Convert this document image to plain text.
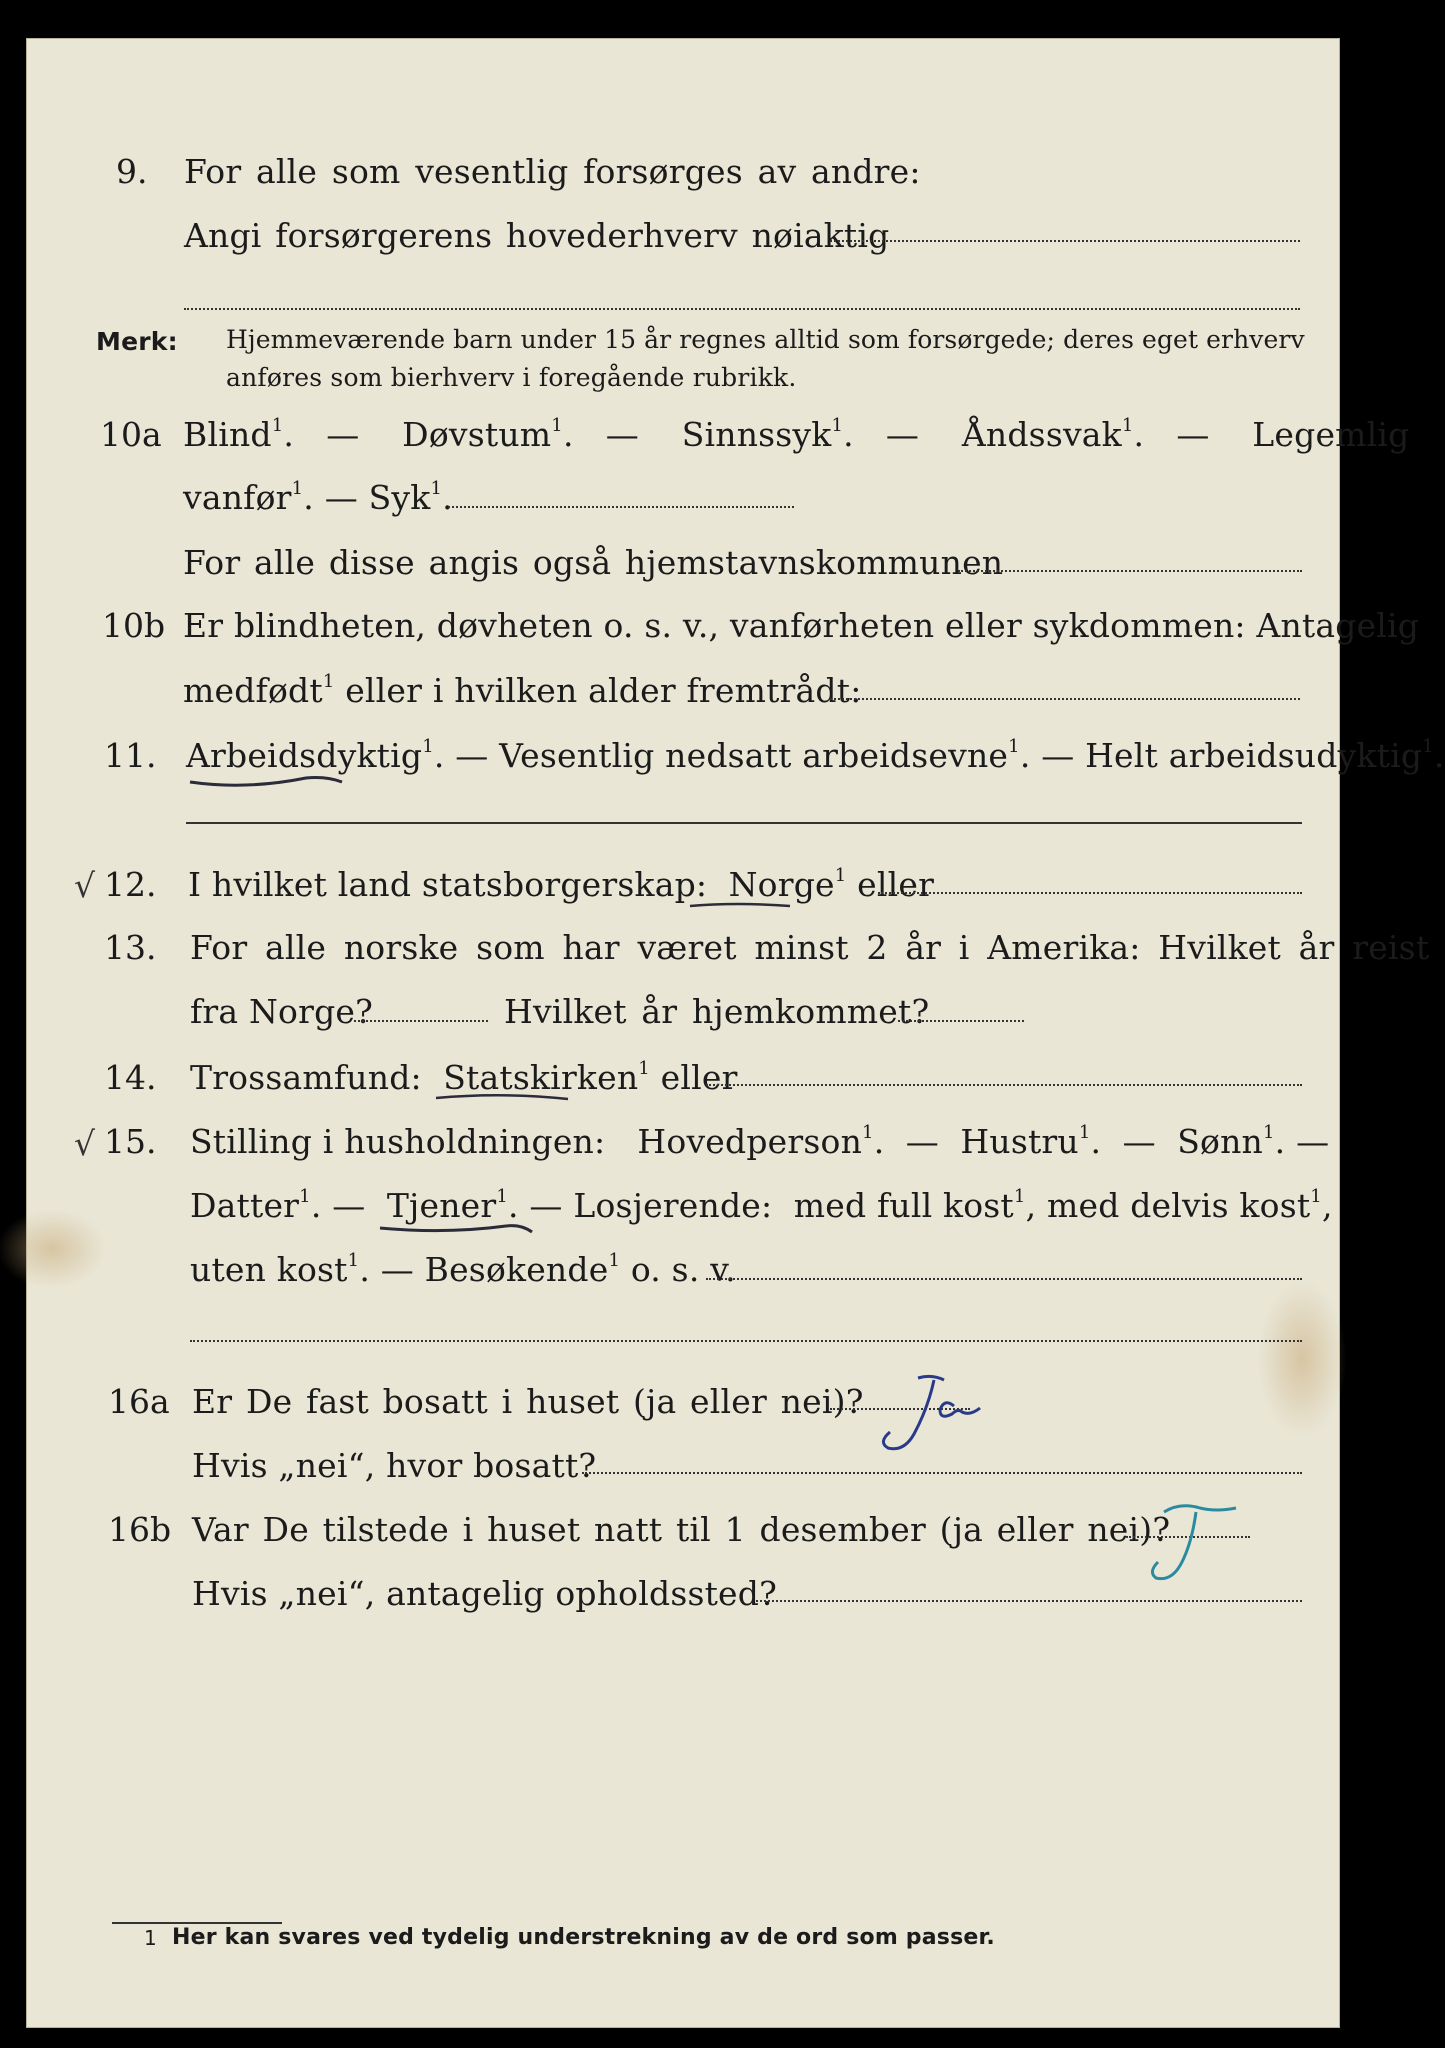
9. For alle som vesentlig forsørges av andre:
Angi forsørgerens hovederhverv nøiaktig
Merk: Hjemmeværende barn under 15 år regnes alltid som forsørgede; deres eget erhverv
anføres som bierhverv i foregående rubrikk.
10a Blind$^1$. — Døvstum$^1$. — Sinnssyk$^1$. — Åndssvak$^1$. — Legemlig
vanfør$^1$. — Syk$^1$.
For alle disse angis også hjemstavnskommunen
10b Er blindheten, døvheten o. s. v., vanførheten eller sykdommen: Antagelig
medfødt$^1$ eller i hvilken alder fremtrådt:
11. Arbeidsdyktig$^1$. — Vesentlig nedsatt arbeidsevne$^1$. — Helt arbeidsudyktig$^1$.
√ 12. I hvilket land statsborgerskap: Norge$^1$ eller
13. For alle norske som har været minst 2 år i Amerika: Hvilket år reist
fra Norge?	Hvilket år hjemkommet?
14. Trossamfund: Statskirken$^1$ eller
√ 15. Stilling i husholdningen: Hovedperson$^1$. — Hustru$^1$. — Sønn$^1$. —
Datter$^1$. — Tjener$^1$. — Losjerende: med full kost$^1$, med delvis kost$^1$,
uten kost$^1$. — Besøkende$^1$ o. s. v.
16a Er De fast bosatt i huset (ja eller nei)?
Hvis „nei“, hvor bosatt?
16b Var De tilstede i huset natt til 1 desember (ja eller nei)?
Hvis „nei“, antagelig opholdssted?
1 Her kan svares ved tydelig understrekning av de ord som passer.
